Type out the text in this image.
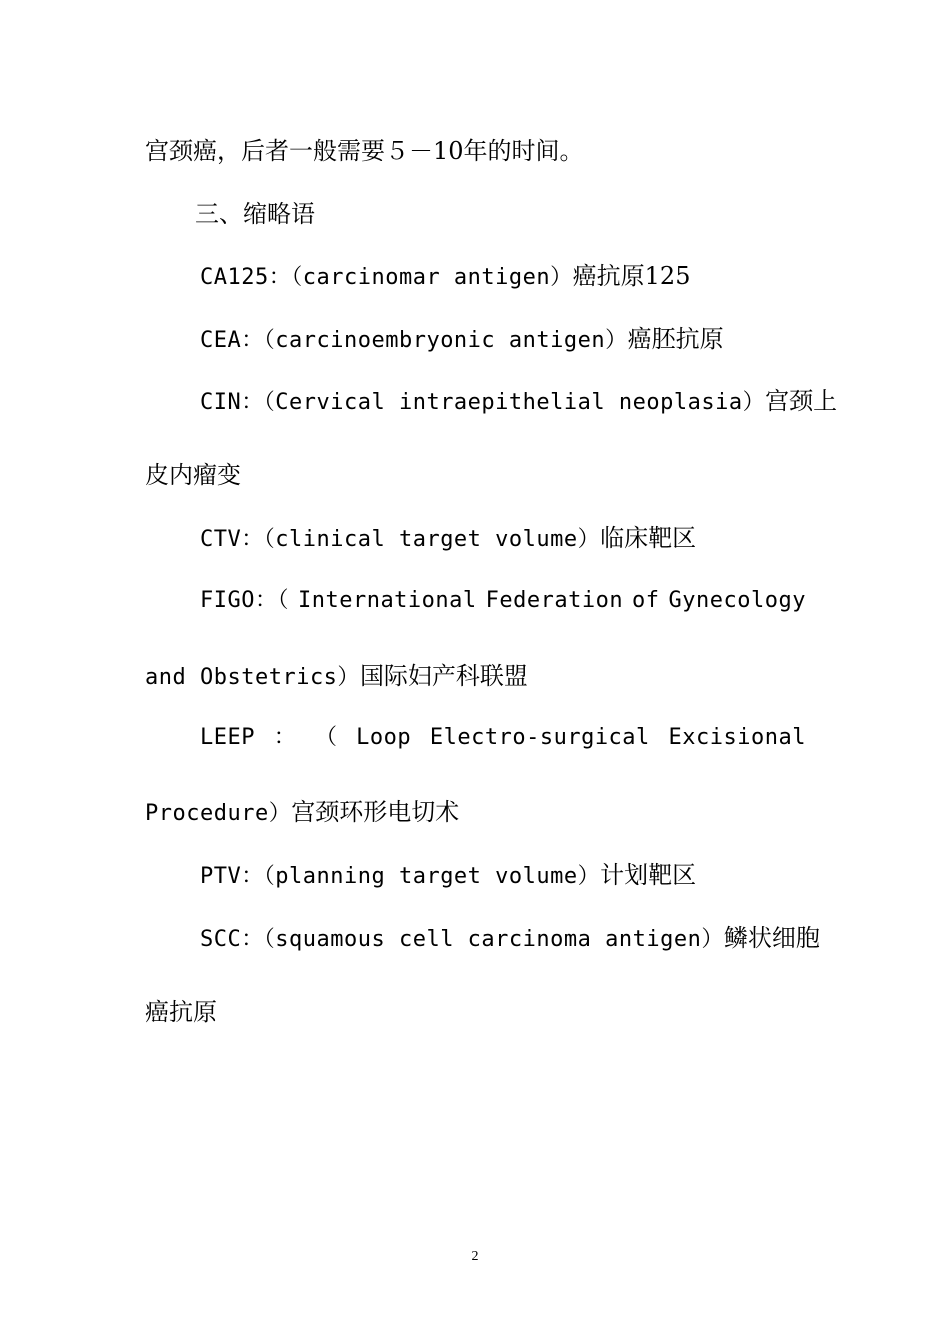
宫颈癌，后者一般需要５－10年的时间。
三、缩略语
CA125：（carcinomar antigen）癌抗原125
CEA：（carcinoembryonic antigen）癌胚抗原
CIN：（Cervical intraepithelial neoplasia）宫颈上
皮内瘤变
CTV：（clinical target volume）临床靶区
FIGO：（ International Federation of Gynecology
and Obstetrics）国际妇产科联盟
LEEP ： （ Loop Electro-surgical Excisional
Procedure）宫颈环形电切术
PTV：（planning target volume）计划靶区
SCC：（squamous cell carcinoma antigen）鳞状细胞
癌抗原
2
